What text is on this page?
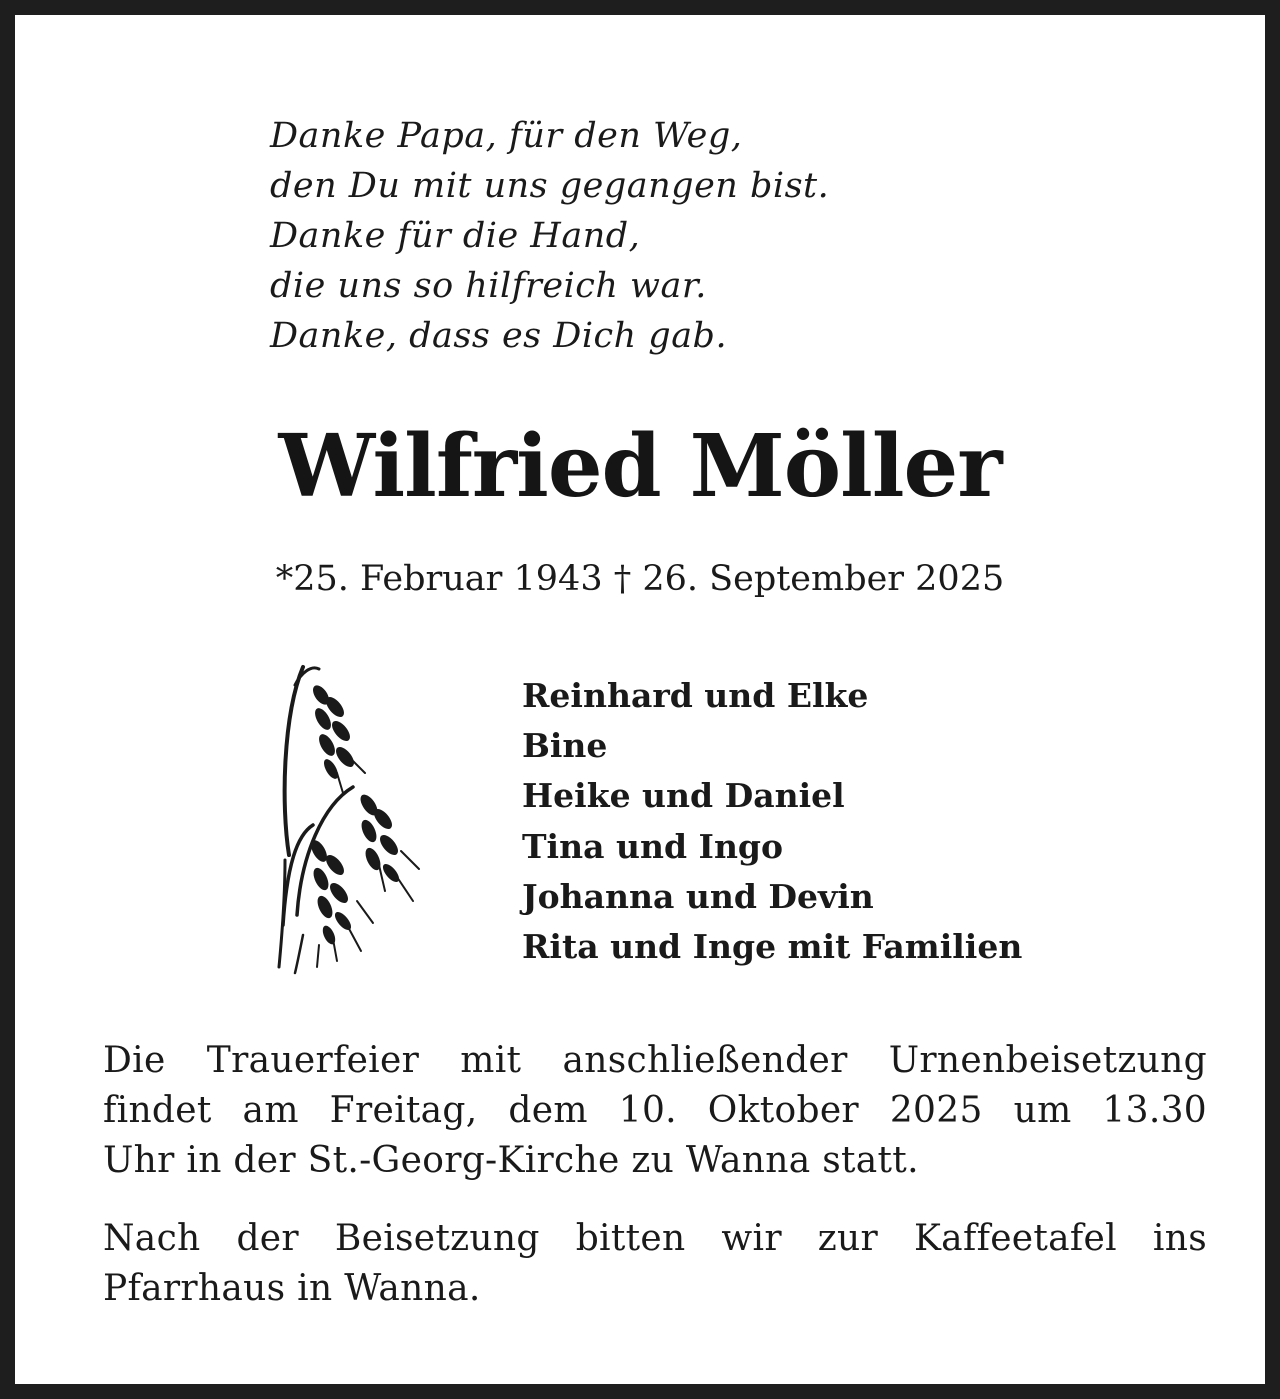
Danke Papa, für den Weg,
den Du mit uns gegangen bist.
Danke für die Hand,
die uns so hilfreich war.
Danke, dass es Dich gab.
Wilfried Möller
*25. Februar 1943 † 26. September 2025
Reinhard und Elke
Bine
Heike und Daniel
Tina und Ingo
Johanna und Devin
Rita und Inge mit Familien
Die Trauerfeier mit anschließender Urnenbeisetzung
findet am Freitag, dem 10. Oktober 2025 um 13.30
Uhr in der St.-Georg-Kirche zu Wanna statt.
Nach der Beisetzung bitten wir zur Kaffeetafel ins
Pfarrhaus in Wanna.
